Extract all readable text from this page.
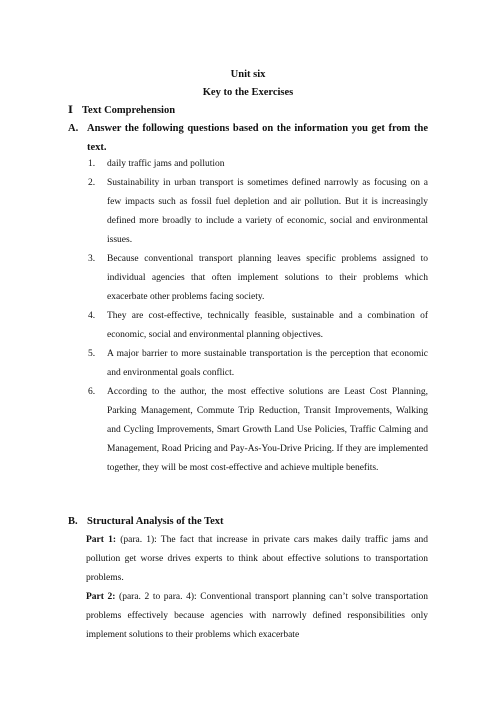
Unit six
Key to the Exercises
Ⅰ Text Comprehension
A. Answer the following questions based on the information you get from the text.
1. daily traffic jams and pollution
2. Sustainability in urban transport is sometimes defined narrowly as focusing on a few impacts such as fossil fuel depletion and air pollution. But it is increasingly defined more broadly to include a variety of economic, social and environmental issues.
3. Because conventional transport planning leaves specific problems assigned to individual agencies that often implement solutions to their problems which exacerbate other problems facing society.
4. They are cost-effective, technically feasible, sustainable and a combination of economic, social and environmental planning objectives.
5. A major barrier to more sustainable transportation is the perception that economic and environmental goals conflict.
6. According to the author, the most effective solutions are Least Cost Planning, Parking Management, Commute Trip Reduction, Transit Improvements, Walking and Cycling Improvements, Smart Growth Land Use Policies, Traffic Calming and Management, Road Pricing and Pay-As-You-Drive Pricing. If they are implemented together, they will be most cost-effective and achieve multiple benefits.
B. Structural Analysis of the Text
Part 1: (para. 1): The fact that increase in private cars makes daily traffic jams and pollution get worse drives experts to think about effective solutions to transportation problems.
Part 2: (para. 2 to para. 4): Conventional transport planning can’t solve transportation problems effectively because agencies with narrowly defined responsibilities only implement solutions to their problems which exacerbate
